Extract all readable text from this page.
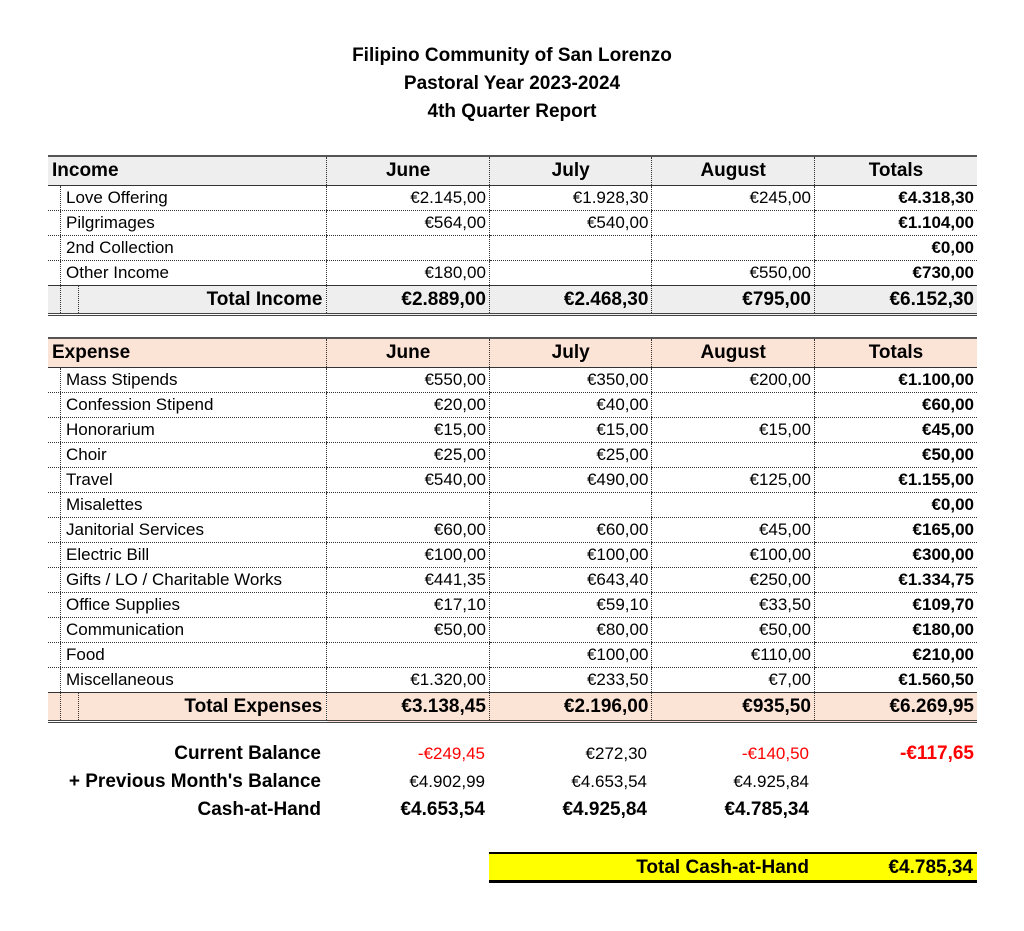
Filipino Community of San Lorenzo
Pastoral Year 2023-2024
4th Quarter Report
Income	June	July	August	Totals
Love Offering	€2.145,00	€1.928,30	€245,00	€4.318,30
Pilgrimages	€564,00	€540,00		€1.104,00
2nd Collection				€0,00
Other Income	€180,00		€550,00	€730,00
Total Income	€2.889,00	€2.468,30	€795,00	€6.152,30
Expense	June	July	August	Totals
Mass Stipends	€550,00	€350,00	€200,00	€1.100,00
Confession Stipend	€20,00	€40,00		€60,00
Honorarium	€15,00	€15,00	€15,00	€45,00
Choir	€25,00	€25,00		€50,00
Travel	€540,00	€490,00	€125,00	€1.155,00
Misalettes				€0,00
Janitorial Services	€60,00	€60,00	€45,00	€165,00
Electric Bill	€100,00	€100,00	€100,00	€300,00
Gifts / LO / Charitable Works	€441,35	€643,40	€250,00	€1.334,75
Office Supplies	€17,10	€59,10	€33,50	€109,70
Communication	€50,00	€80,00	€50,00	€180,00
Food		€100,00	€110,00	€210,00
Miscellaneous	€1.320,00	€233,50	€7,00	€1.560,50
Total Expenses	€3.138,45	€2.196,00	€935,50	€6.269,95
Current Balance	-€249,45	€272,30	-€140,50	-€117,65
+ Previous Month's Balance	€4.902,99	€4.653,54	€4.925,84	
Cash-at-Hand	€4.653,54	€4.925,84	€4.785,34	
Total Cash-at-Hand	€4.785,34
